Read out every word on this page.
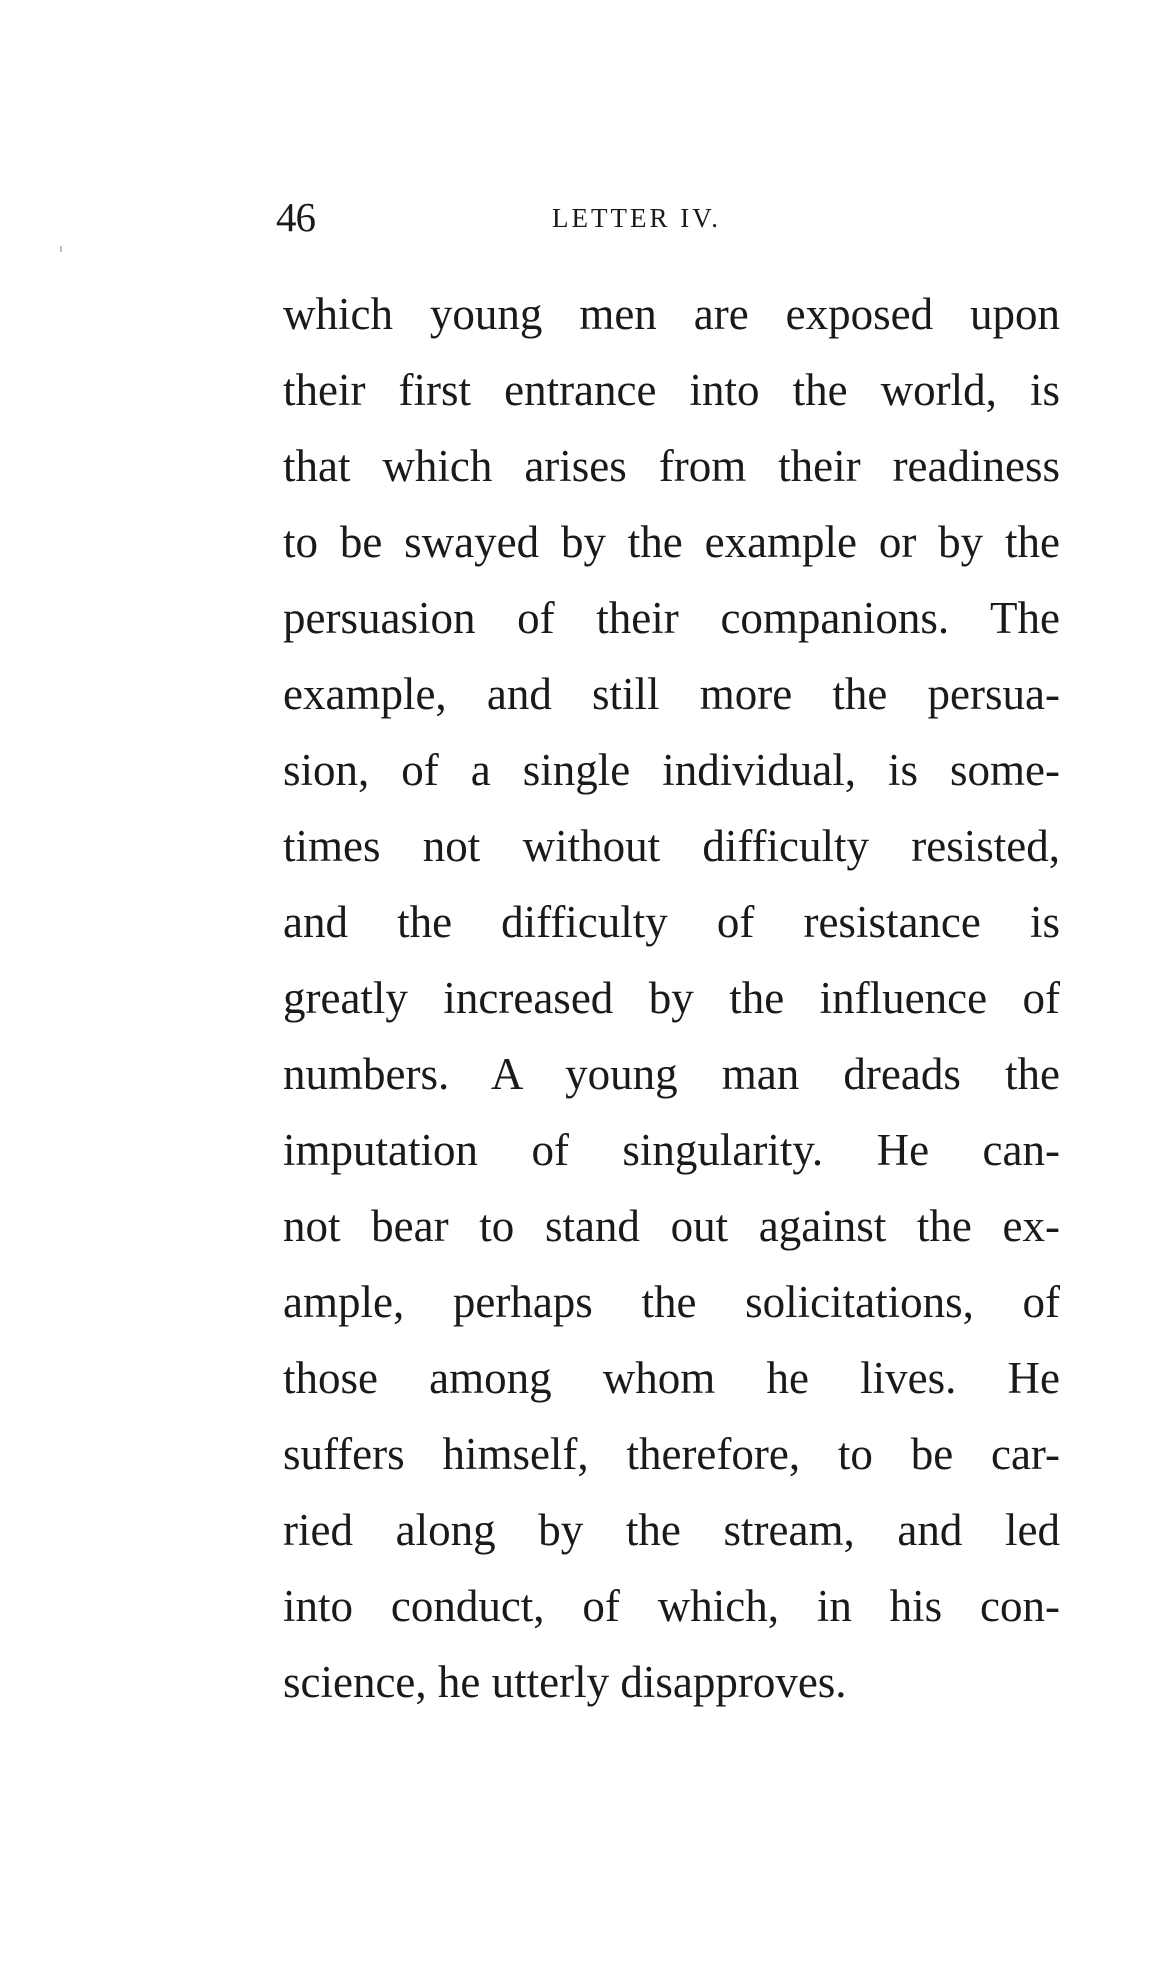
46	LETTER IV.
which young men are exposed upon
their first entrance into the world, is
that which arises from their readiness
to be swayed by the example or by the
persuasion of their companions. The
example, and still more the persua-
sion, of a single individual, is some-
times not without difficulty resisted,
and the difficulty of resistance is
greatly increased by the influence of
numbers. A young man dreads the
imputation of singularity. He can-
not bear to stand out against the ex-
ample, perhaps the solicitations, of
those among whom he lives. He
suffers himself, therefore, to be car-
ried along by the stream, and led
into conduct, of which, in his con-
science, he utterly disapproves.
